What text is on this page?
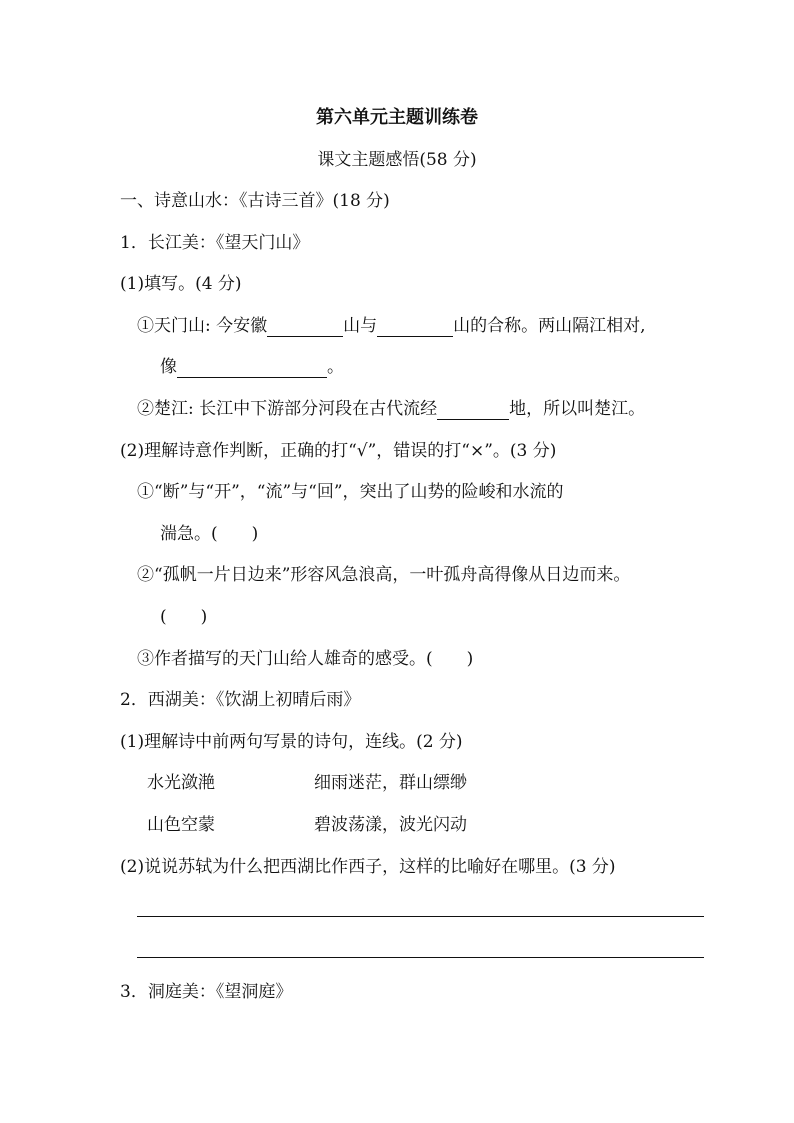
第六单元主题训练卷
课文主题感悟(58 分)
一、诗意山水：《古诗三首》(18 分)
1．长江美：《望天门山》
(1)填写。(4 分)
①天门山: 今安徽	山与	山的合称。两山隔江相对,
像	。
②楚江: 长江中下游部分河段在古代流经	地，所以叫楚江。
(2)理解诗意作判断，正确的打“√”，错误的打“×”。(3 分)
①“断”与“开”，“流”与“回”，突出了山势的险峻和水流的
湍急。(　　)
②“孤帆一片日边来”形容风急浪高，一叶孤舟高得像从日边而来。
(　　)
③作者描写的天门山给人雄奇的感受。(　　)
2．西湖美：《饮湖上初晴后雨》
(1)理解诗中前两句写景的诗句，连线。(2 分)
水光潋滟	细雨迷茫，群山缥缈
山色空蒙	碧波荡漾，波光闪动
(2)说说苏轼为什么把西湖比作西子，这样的比喻好在哪里。(3 分)
3．洞庭美：《望洞庭》
